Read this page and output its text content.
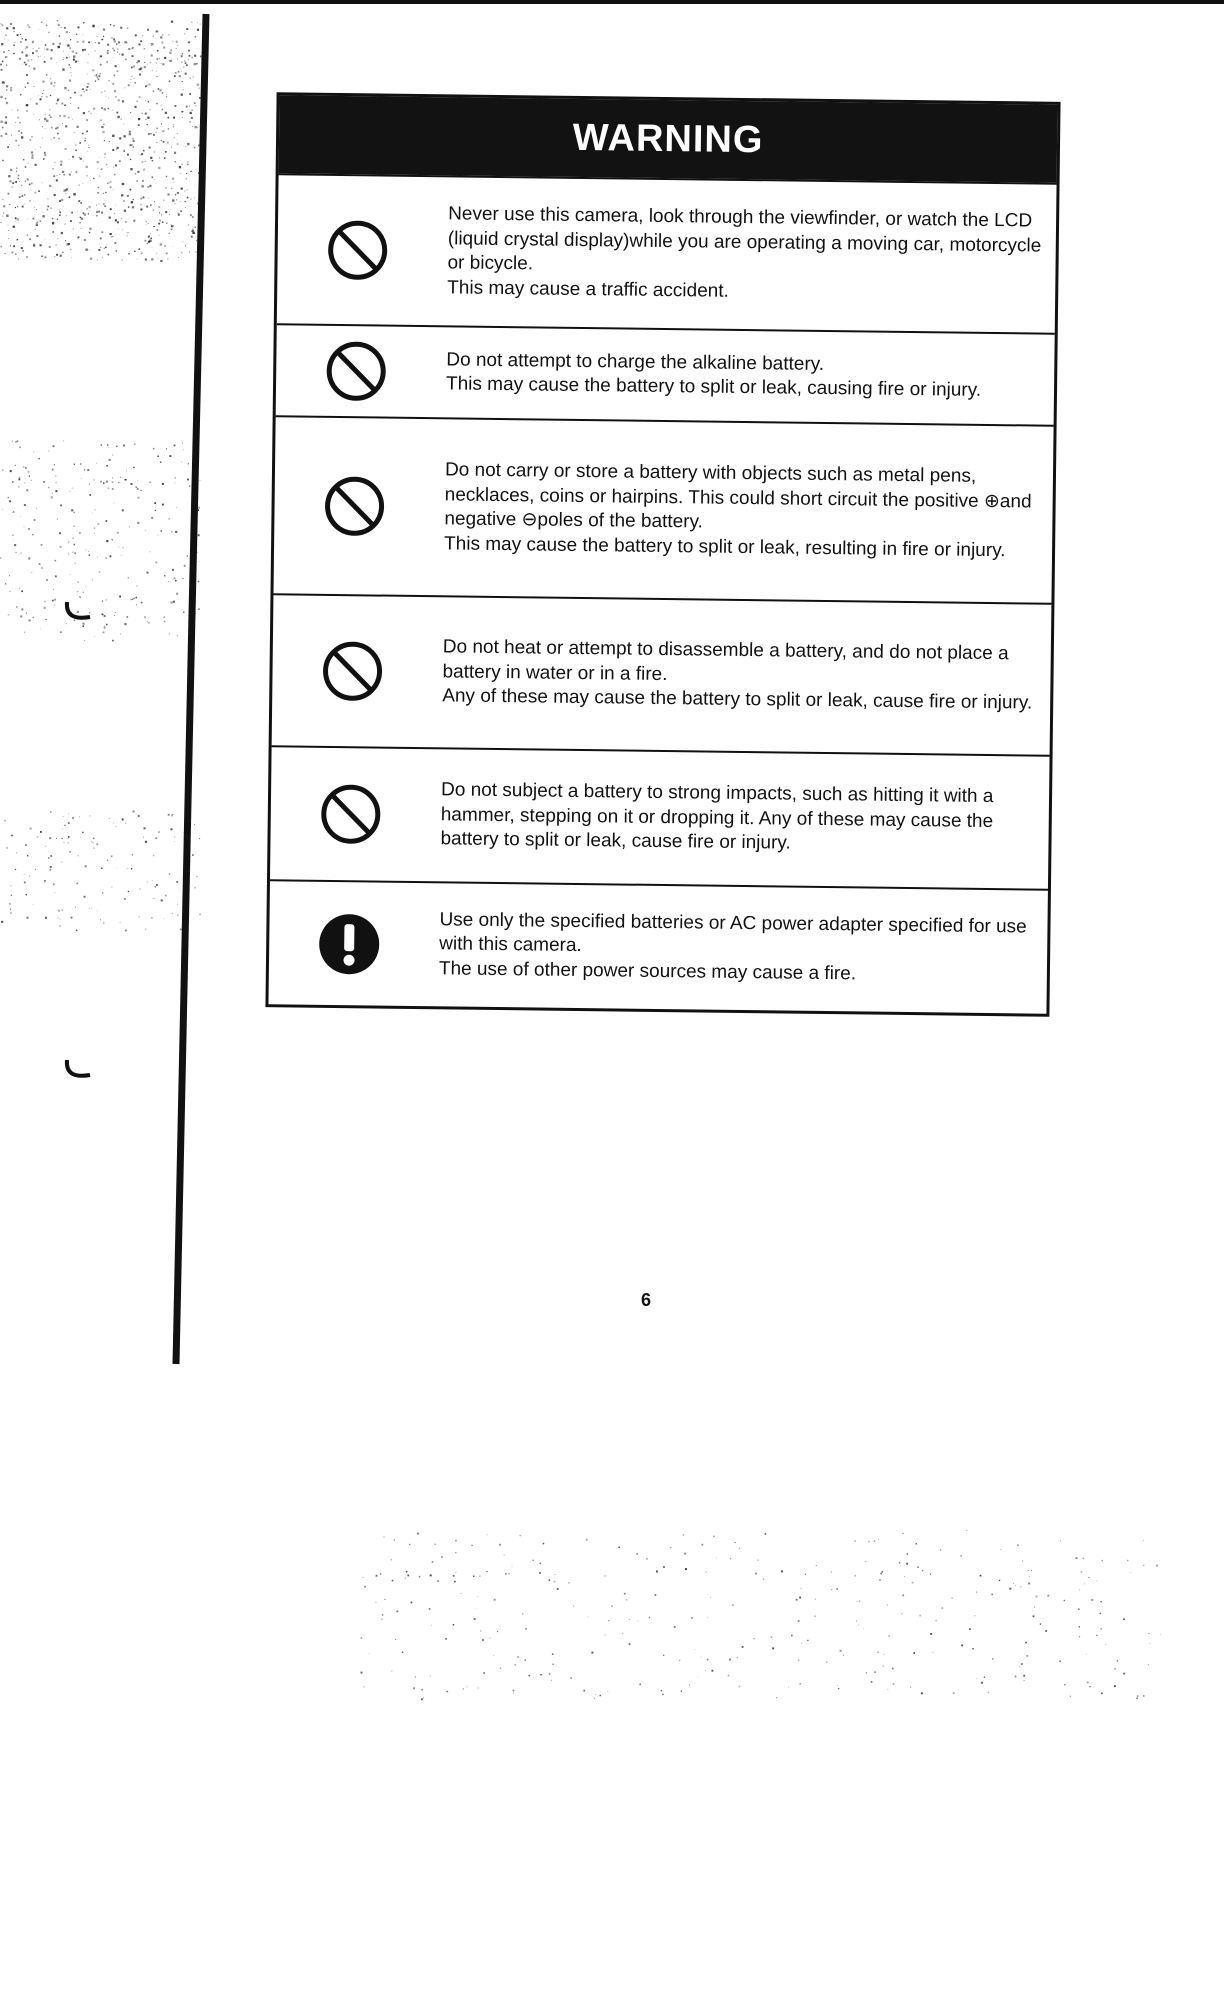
WARNING

Never use this camera, look through the viewfinder, or watch the LCD (liquid crystal display)while you are operating a moving car, motorcycle or bicycle.

This may cause a traffic accident.

Do not attempt to charge the alkaline battery.

This may cause the battery to split or leak, causing fire or injury.

Do not carry or store a battery with objects such as metal pens, necklaces, coins or hairpins. This could short circuit the positive ⊕and negative ⊖poles of the battery.

This may cause the battery to split or leak, resulting in fire or injury.

Do not heat or attempt to disassemble a battery, and do not place a battery in water or in a fire.

Any of these may cause the battery to split or leak, cause fire or injury.

Do not subject a battery to strong impacts, such as hitting it with a hammer, stepping on it or dropping it. Any of these may cause the battery to split or leak, cause fire or injury.

Use only the specified batteries or AC power adapter specified for use with this camera.

The use of other power sources may cause a fire.

6
